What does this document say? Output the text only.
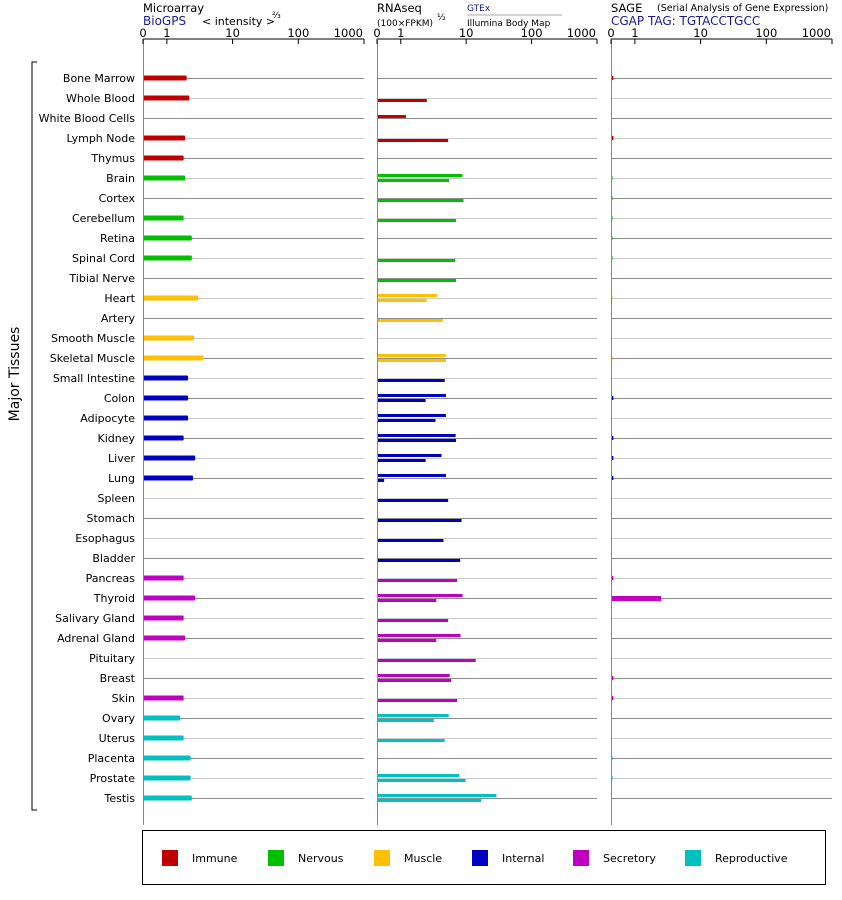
Microarray
BioGPS < intensity >
⅔
RNAseq
(100×FPKM)
½
GTEx
Illumina Body Map
SAGE (Serial Analysis of Gene Expression)
CGAP TAG: TGTACCTGCC
Major Tissues
Bone Marrow
Whole Blood
White Blood Cells
Lymph Node
Thymus
Brain
Cortex
Cerebellum
Retina
Spinal Cord
Tibial Nerve
Heart
Artery
Smooth Muscle
Skeletal Muscle
Small Intestine
Colon
Adipocyte
Kidney
Liver
Lung
Spleen
Stomach
Esophagus
Bladder
Pancreas
Thyroid
Salivary Gland
Adrenal Gland
Pituitary
Breast
Skin
Ovary
Uterus
Placenta
Prostate
Testis
0 1	10	100 1000 0 1	10	100 1000 0 1	10	100 1000
Immune	Nervous	Muscle	Internal	Secretory	Reproductive
